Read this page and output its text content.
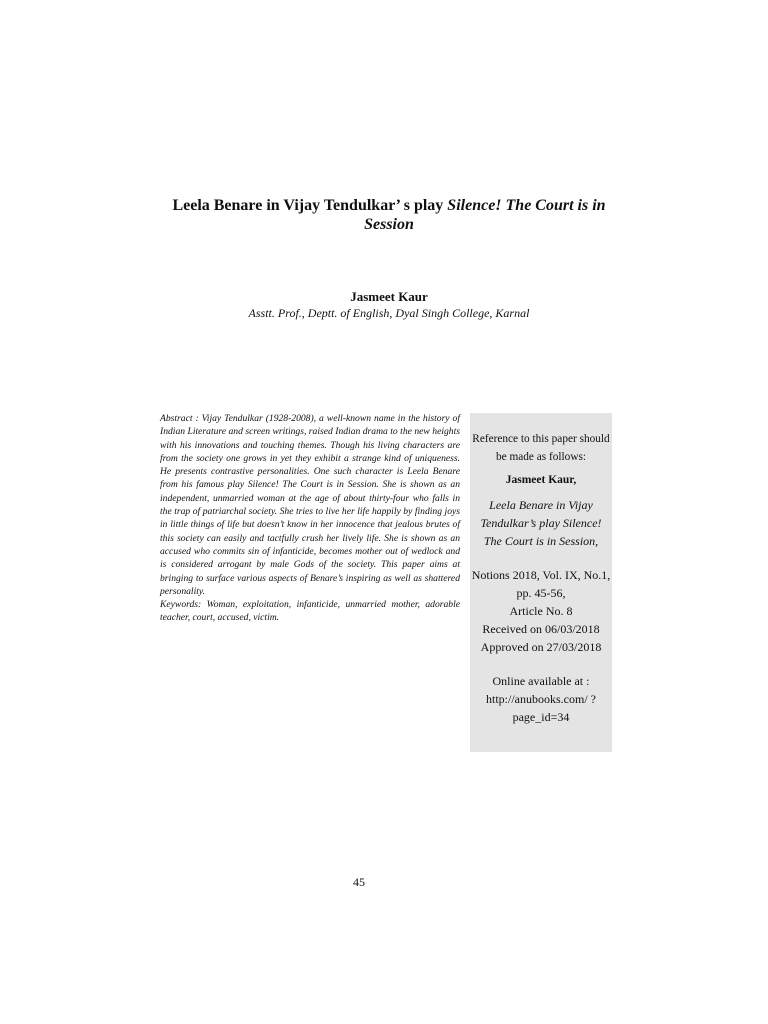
Leela Benare in Vijay Tendulkar’ s play Silence! The Court is in Session
Jasmeet Kaur
Asstt. Prof., Deptt. of English, Dyal Singh College, Karnal

Abstract : Vijay Tendulkar (1928-2008), a well-known name in the history of Indian Literature and screen writings, raised Indian drama to the new heights with his innovations and touching themes. Though his living characters are from the society one grows in yet they exhibit a strange kind of uniqueness. He presents contrastive personalities. One such character is Leela Benare from his famous play Silence! The Court is in Session. She is shown as an independent, unmarried woman at the age of about thirty-four who falls in the trap of patriarchal society. She tries to live her life happily by finding joys in little things of life but doesn’t know in her innocence that jealous brutes of this society can easily and tactfully crush her lively life. She is shown as an accused who commits sin of infanticide, becomes mother out of wedlock and is considered arrogant by male Gods of the society. This paper aims at bringing to surface various aspects of Benare’s inspiring as well as shattered personality.

Keywords: Woman, exploitation, infanticide, unmarried mother, adorable teacher, court, accused, victim.

Reference to this paper should be made as follows:
Jasmeet Kaur,
Leela Benare in Vijay Tendulkar’s play Silence! The Court is in Session,
Notions 2018, Vol. IX, No.1,
pp. 45-56,
Article No. 8
Received on 06/03/2018
Approved on 27/03/2018
Online available at :
http://anubooks.com/ ?page_id=34
45
